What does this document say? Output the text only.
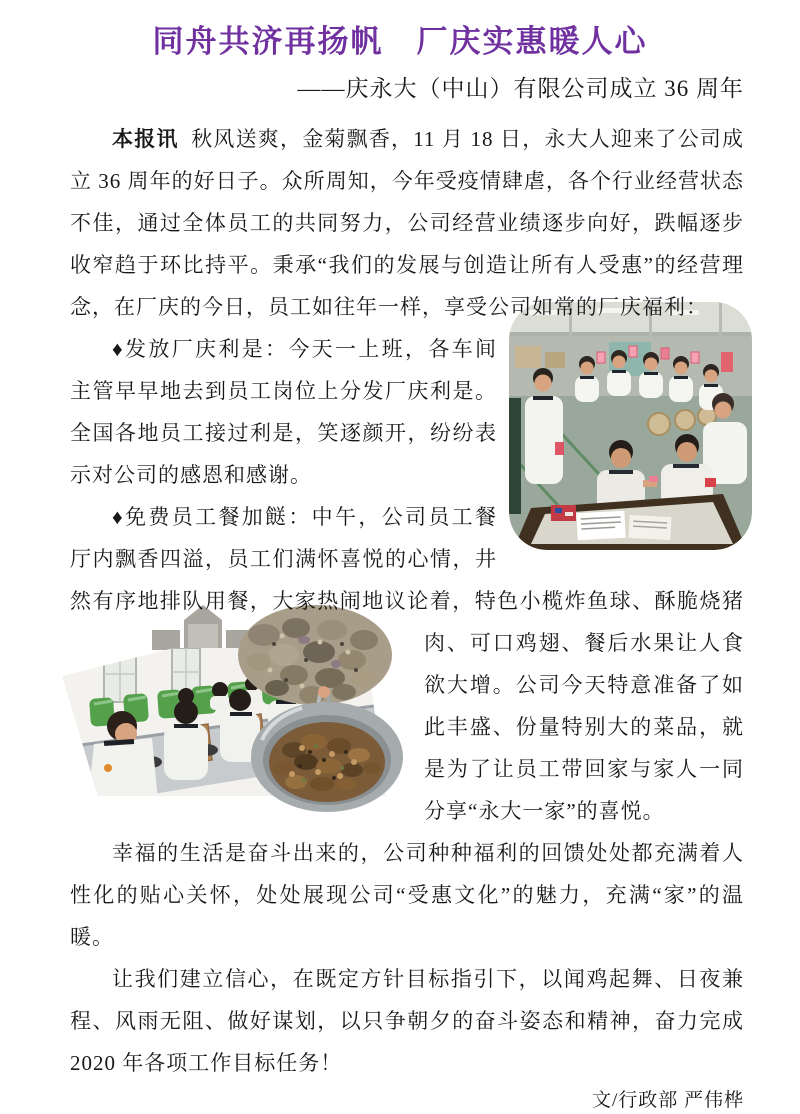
同舟共济再扬帆　厂庆实惠暖人心
——庆永大（中山）有限公司成立 36 周年

本报讯 秋风送爽，金菊飘香，11 月 18 日，永大人迎来了公司成立 36 周年的好日子。众所周知，今年受疫情肆虐，各个行业经营状态不佳，通过全体员工的共同努力，公司经营业绩逐步向好，跌幅逐步收窄趋于环比持平。秉承“我们的发展与创造让所有人受惠”的经营理念，在厂庆的今日，员工如往年一样，享受公司如常的厂庆福利：

♦发放厂庆利是：今天一上班，各车间主管早早地去到员工岗位上分发厂庆利是。全国各地员工接过利是，笑逐颜开，纷纷表示对公司的感恩和感谢。

♦免费员工餐加餸：中午，公司员工餐厅内飘香四溢，员工们满怀喜悦的心情，井然有序地排队用餐，大家热闹地议论着，特色小榄炸鱼球、酥脆烧猪肉、
可口鸡翅、餐后水果让人食欲大增。公司今天特意准备了如此丰盛、份量特别大的菜品，就是为了让员工带回家与家人一同分享“永大一家”的喜悦。

幸福的生活是奋斗出来的，公司种种福利的回馈处处都充满着人性化的贴心关怀，处处展现公司“受惠文化”的魅力，充满“家”的温暖。

让我们建立信心，在既定方针目标指引下，以闻鸡起舞、日夜兼程、风雨无阻、做好谋划，以只争朝夕的奋斗姿态和精神，奋力完成 2020 年各项工作目标任务！

文/行政部 严伟桦
